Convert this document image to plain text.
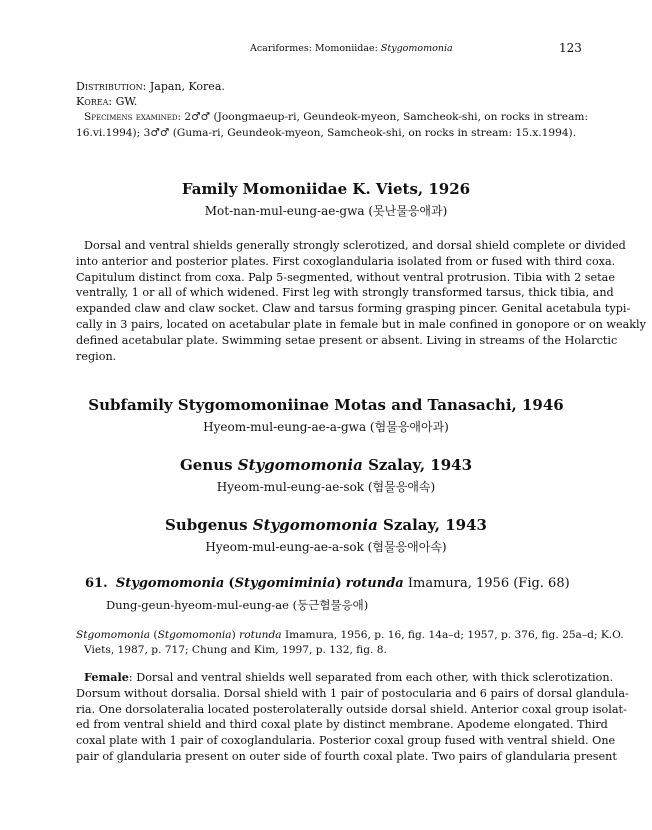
Acariformes: Momoniidae: Stygomomonia	123
Distribution: Japan, Korea.
Korea: GW.
Specimens examined: 2♂♂ (Joongmaeup-ri, Geundeok-myeon, Samcheok-shi, on rocks in stream:
16.vi.1994); 3♂♂ (Guma-ri, Geundeok-myeon, Samcheok-shi, on rocks in stream: 15.x.1994).
Family Momoniidae K. Viets, 1926
Mot-nan-mul-eung-ae-gwa (못난물응애과)
Dorsal and ventral shields generally strongly sclerotized, and dorsal shield complete or divided
into anterior and posterior plates. First coxoglandularia isolated from or fused with third coxa.
Capitulum distinct from coxa. Palp 5-segmented, without ventral protrusion. Tibia with 2 setae
ventrally, 1 or all of which widened. First leg with strongly transformed tarsus, thick tibia, and
expanded claw and claw socket. Claw and tarsus forming grasping pincer. Genital acetabula typi-
cally in 3 pairs, located on acetabular plate in female but in male confined in gonopore or on weakly
defined acetabular plate. Swimming setae present or absent. Living in streams of the Holarctic
region.
Subfamily Stygomomoniinae Motas and Tanasachi, 1946
Hyeom-mul-eung-ae-a-gwa (혐물응애아과)
Genus Stygomomonia Szalay, 1943
Hyeom-mul-eung-ae-sok (혐물응애속)
Subgenus Stygomomonia Szalay, 1943
Hyeom-mul-eung-ae-a-sok (혐물응애아속)
61. Stygomomonia (Stygomiminia) rotunda Imamura, 1956 (Fig. 68)
Dung-geun-hyeom-mul-eung-ae (둥근혐물응애)
Stgomomonia (Stgomomonia) rotunda Imamura, 1956, p. 16, fig. 14a–d; 1957, p. 376, fig. 25a–d; K.O.
Viets, 1987, p. 717; Chung and Kim, 1997, p. 132, fig. 8.
Female: Dorsal and ventral shields well separated from each other, with thick sclerotization.
Dorsum without dorsalia. Dorsal shield with 1 pair of postocularia and 6 pairs of dorsal glandula-
ria. One dorsolateralia located posterolaterally outside dorsal shield. Anterior coxal group isolat-
ed from ventral shield and third coxal plate by distinct membrane. Apodeme elongated. Third
coxal plate with 1 pair of coxoglandularia. Posterior coxal group fused with ventral shield. One
pair of glandularia present on outer side of fourth coxal plate. Two pairs of glandularia present
